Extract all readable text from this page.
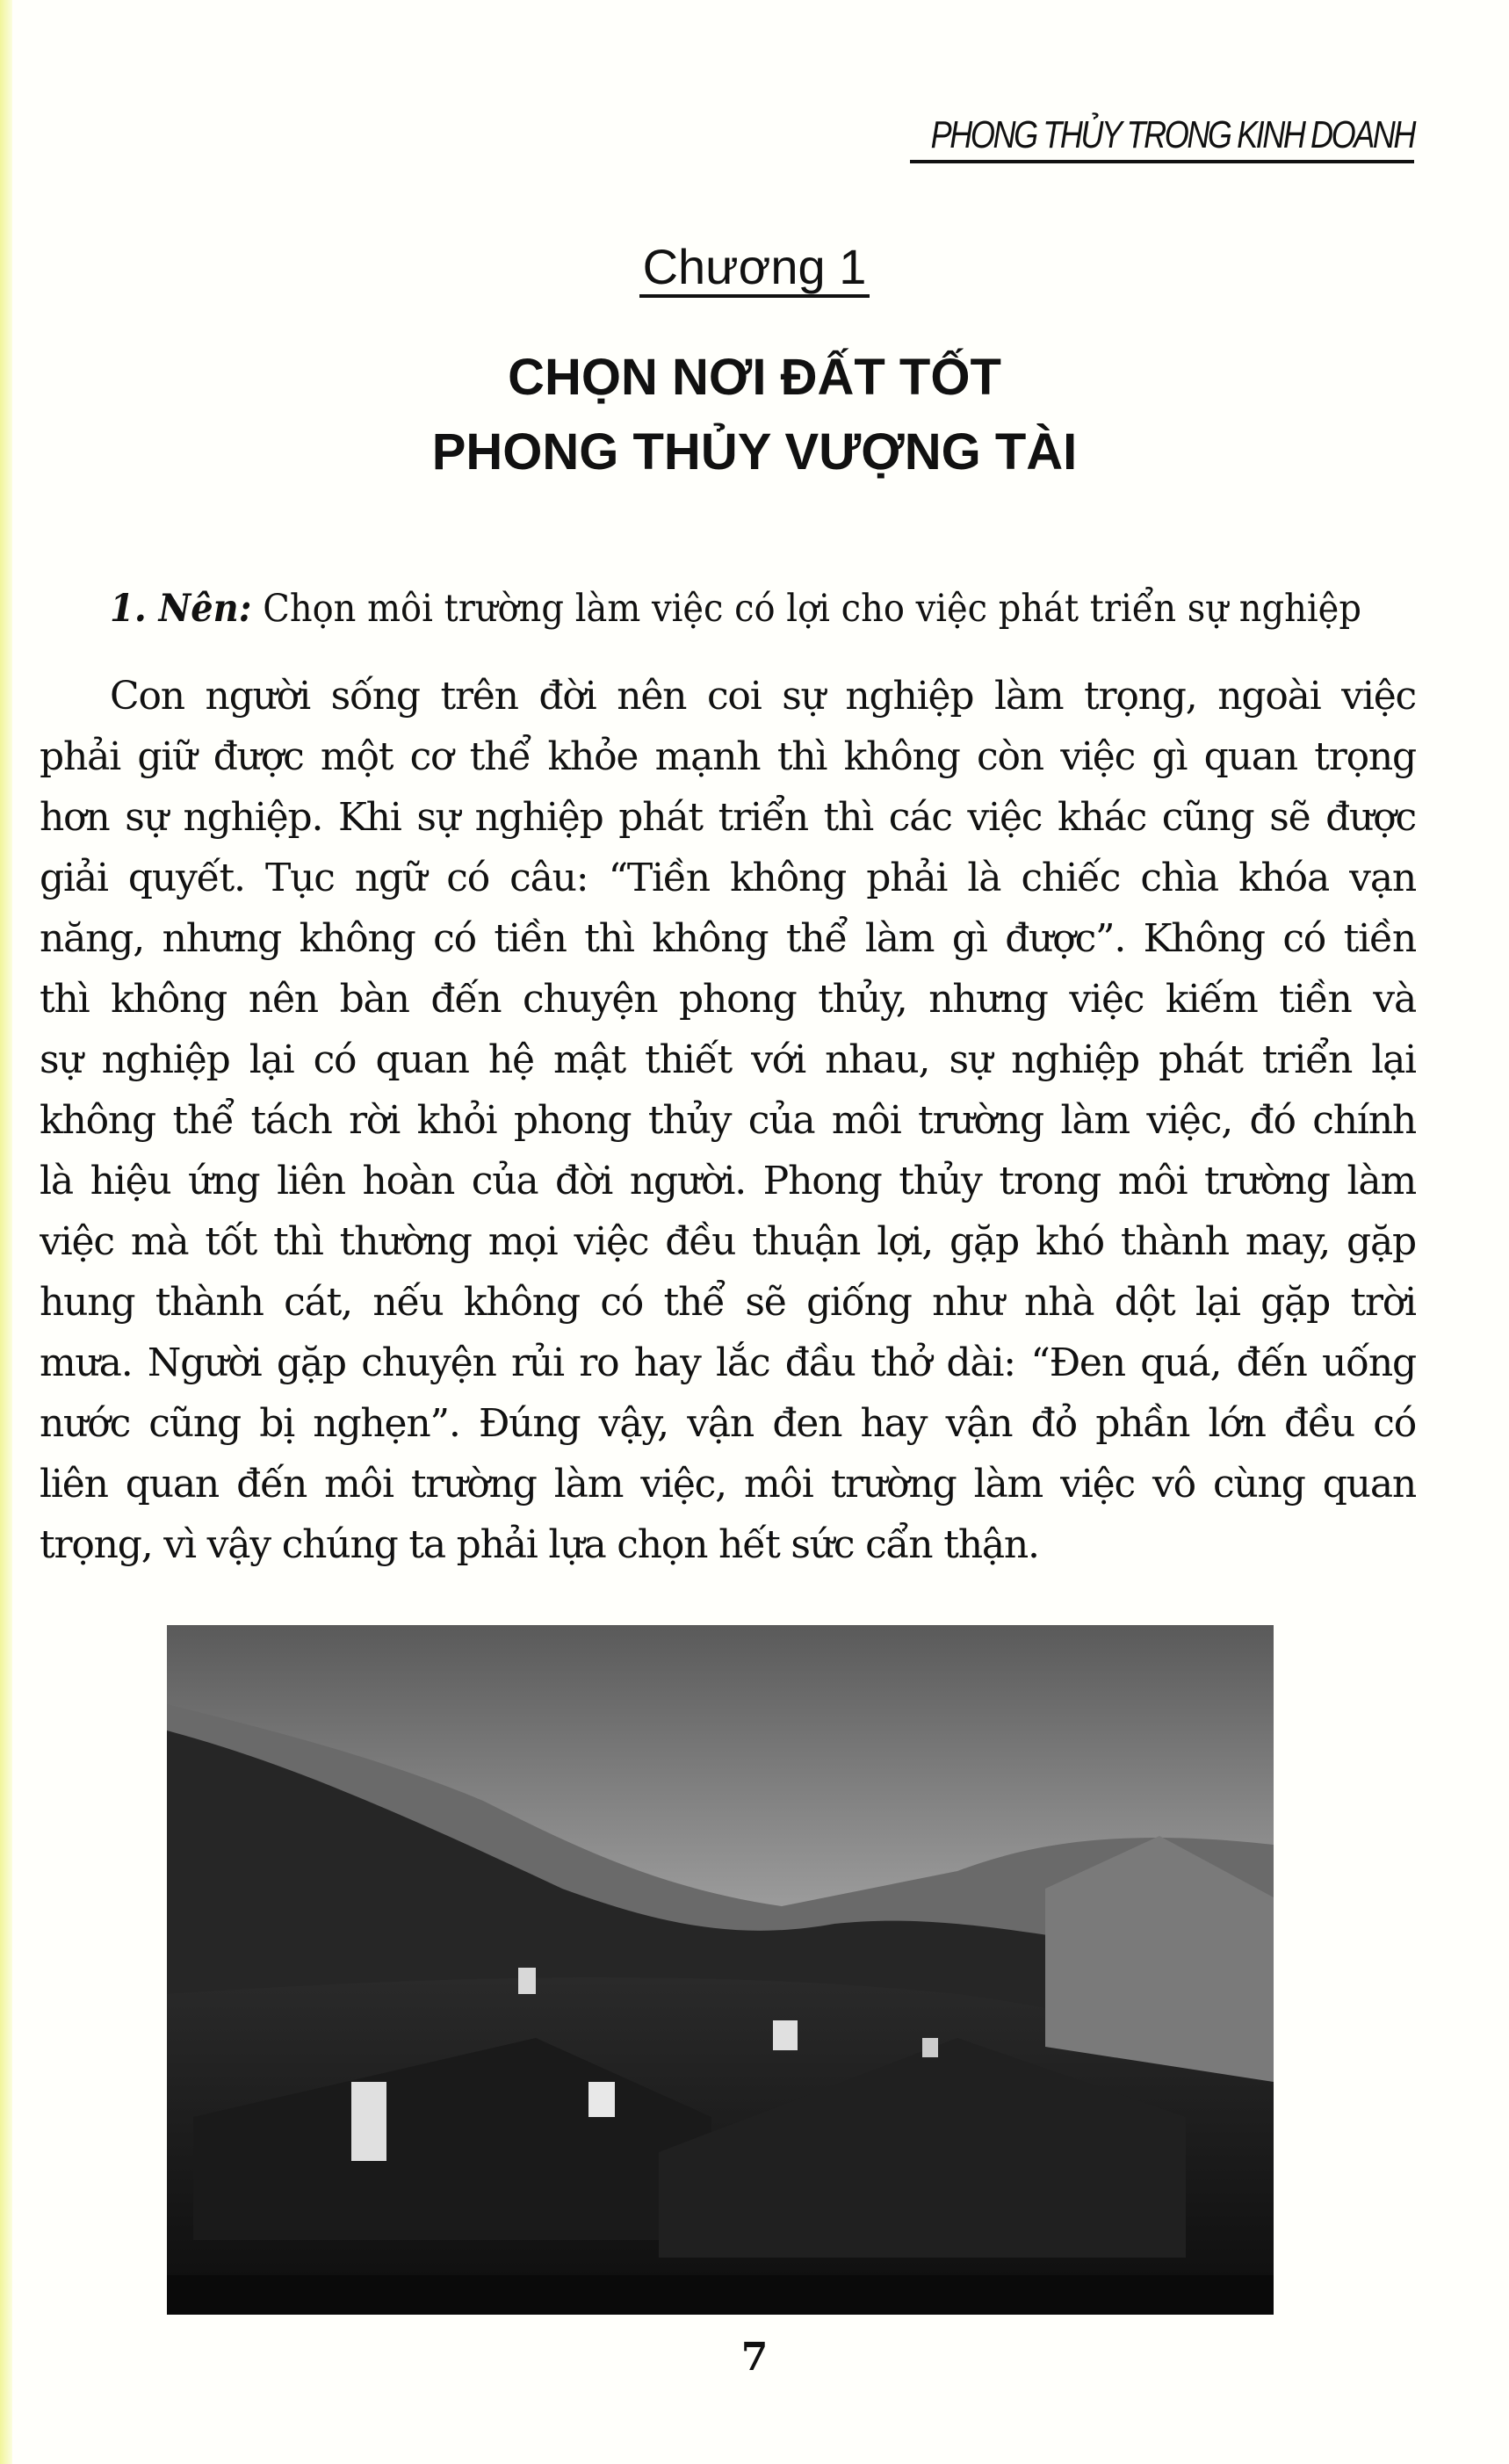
PHONG THỦY TRONG KINH DOANH
Chương 1
CHỌN NƠI ĐẤT TỐT
PHONG THỦY VƯỢNG TÀI
1. Nên: Chọn môi trường làm việc có lợi cho việc phát triển sự nghiệp
Con người sống trên đời nên coi sự nghiệp làm trọng, ngoài việc
phải giữ được một cơ thể khỏe mạnh thì không còn việc gì quan trọng
hơn sự nghiệp. Khi sự nghiệp phát triển thì các việc khác cũng sẽ được
giải quyết. Tục ngữ có câu: “Tiền không phải là chiếc chìa khóa vạn
năng, nhưng không có tiền thì không thể làm gì được”. Không có tiền
thì không nên bàn đến chuyện phong thủy, nhưng việc kiếm tiền và
sự nghiệp lại có quan hệ mật thiết với nhau, sự nghiệp phát triển lại
không thể tách rời khỏi phong thủy của môi trường làm việc, đó chính
là hiệu ứng liên hoàn của đời người. Phong thủy trong môi trường làm
việc mà tốt thì thường mọi việc đều thuận lợi, gặp khó thành may, gặp
hung thành cát, nếu không có thể sẽ giống như nhà dột lại gặp trời
mưa. Người gặp chuyện rủi ro hay lắc đầu thở dài: “Đen quá, đến uống
nước cũng bị nghẹn”. Đúng vậy, vận đen hay vận đỏ phần lớn đều có
liên quan đến môi trường làm việc, môi trường làm việc vô cùng quan
trọng, vì vậy chúng ta phải lựa chọn hết sức cẩn thận.
7
